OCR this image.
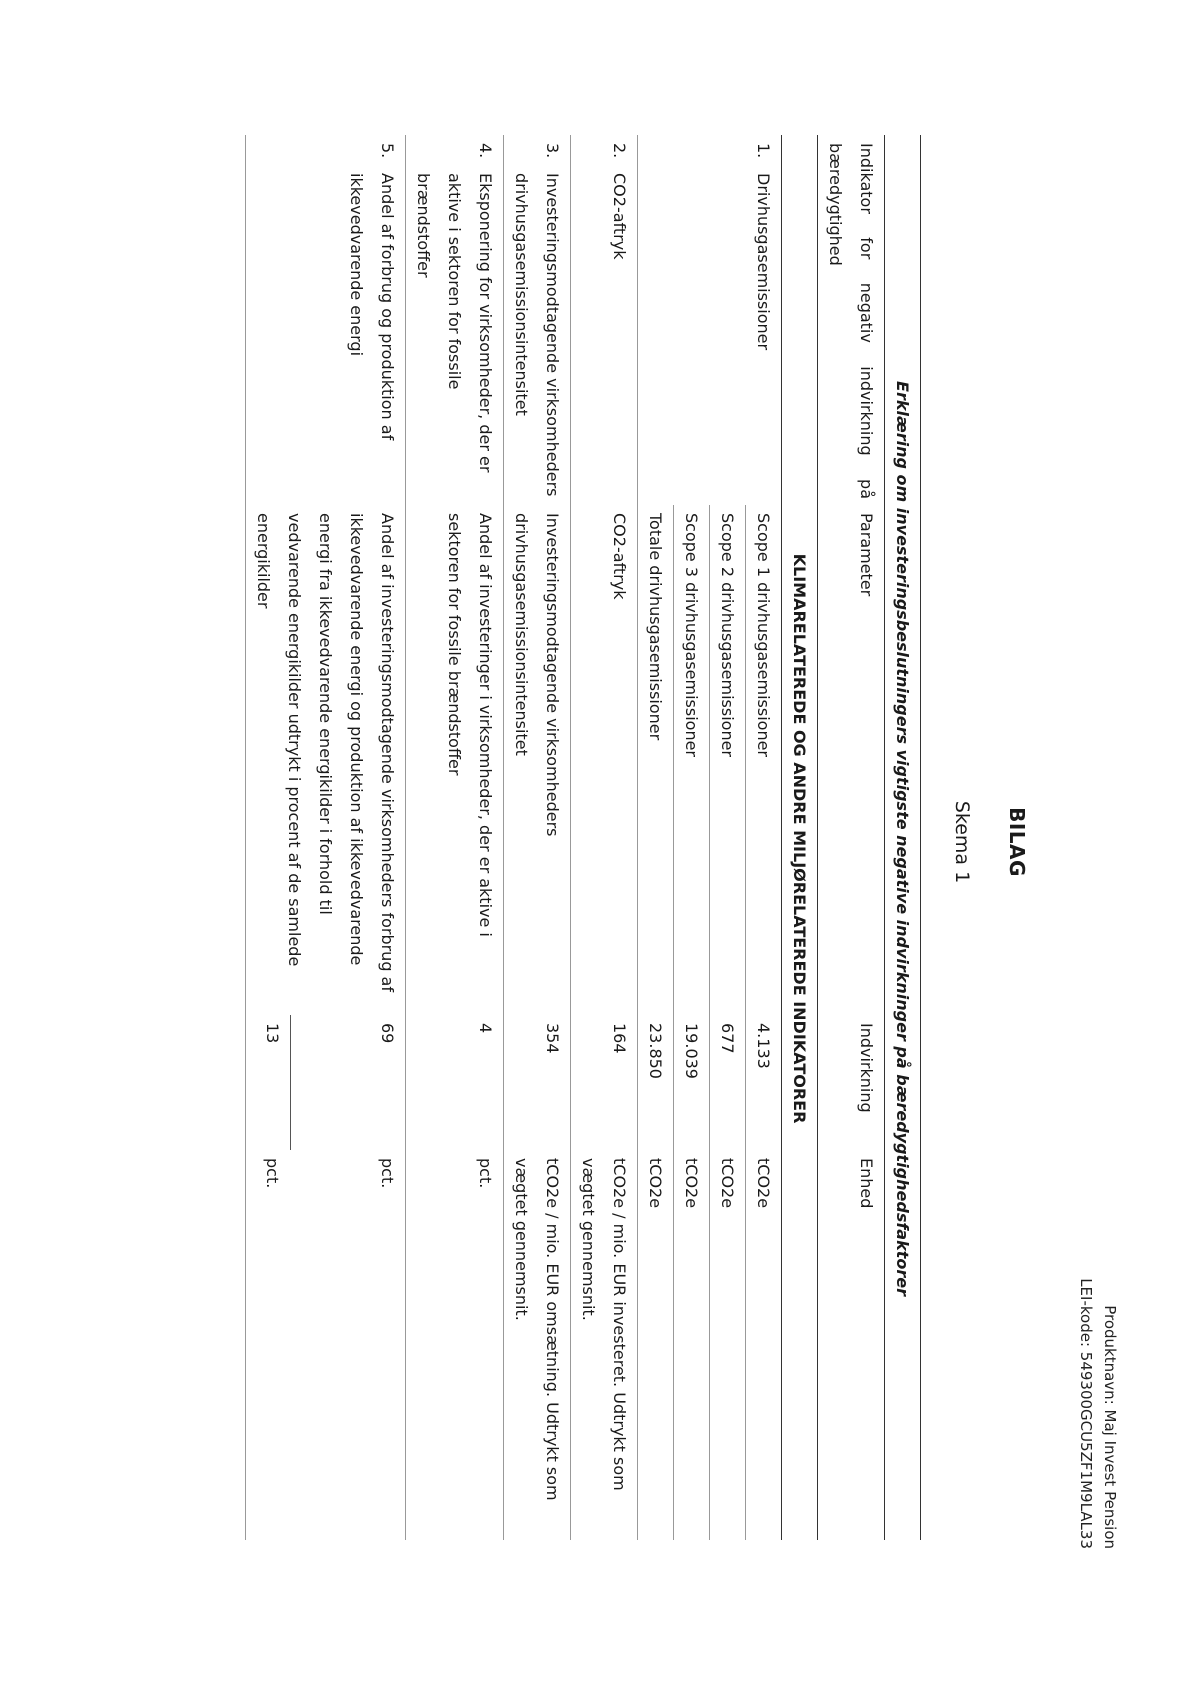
Produktnavn: Maj Invest Pension
LEI-kode: 549300GCU5ZF1M9LAL33
BILAG
Skema 1
Erklæring om investeringsbeslutningers vigtigste negative indvirkninger på bæredygtighedsfaktorer			
Indikator for negativ indvirkning på bæredygtighed	Parameter	Indvirkning	Enhed
KLIMARELATEREDE OG ANDRE MILJØRELATEREDE INDIKATORER			
1.Drivhusgasemissioner	Scope 1 drivhusgasemissioner	4.133	tCO2e
	Scope 2 drivhusgasemissioner	677	tCO2e
	Scope 3 drivhusgasemissioner	19.039	tCO2e
	Totale drivhusgasemissioner	23.850	tCO2e
2.CO2-aftryk	CO2-aftryk	164	tCO2e / mio. EUR investeret. Udtrykt som vægtet gennemsnit.

3.
Investeringsmodtagende virksomheders drivhusgasemissionsintensitet	Investeringsmodtagende virksomheders drivhusgasemissionsintensitet	354	tCO2e / mio. EUR omsætning. Udtrykt som vægtet gennemsnit.

4.
Eksponering for virksomheder, der er aktive i sektoren for fossile brændstoffer	Andel af investeringer i virksomheder, der er aktive i sektoren for fossile brændstoffer	4	pct.

5.
Andel af forbrug og produktion af ikkevedvarende energi	Andel af investeringsmodtagende virksomheders forbrug af ikkevedvarende energi og produktion af ikkevedvarende energi fra ikkevedvarende energikilder i forhold til vedvarende energikilder udtrykt i procent af de samlede energikilder	69	pct.
		13	pct.
